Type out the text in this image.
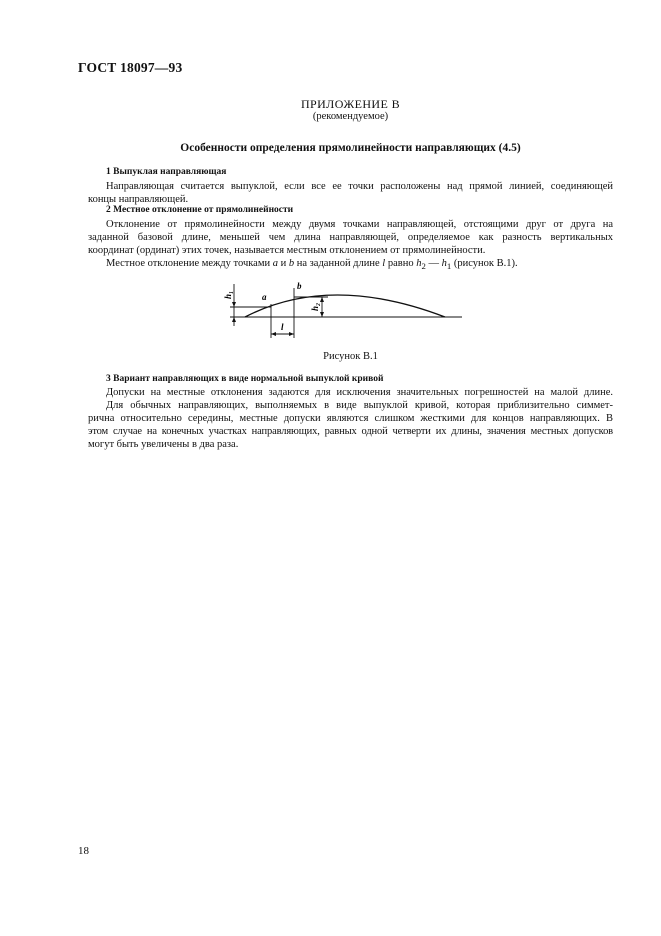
ГОСТ 18097—93
ПРИЛОЖЕНИЕ В
(рекомендуемое)
Особенности определения прямолинейности направляющих (4.5)
1 Выпуклая направляющая
Направляющая считается выпуклой, если все ее точки расположены над прямой линией, соединяющей
концы направляющей.
2 Местное отклонение от прямолинейности
Отклонение от прямолинейности между двумя точками направляющей, отстоящими друг от друга на
заданной базовой длине, меньшей чем длина направляющей, определяемое как разность вертикальных
координат (ординат) этих точек, называется местным отклонением от прямолинейности.
Местное отклонение между точками a и b на заданной длине l равно $h_2$ — $h_1$ (рисунок В.1).
h₁	a
b
h₂
l
Рисунок В.1
3 Вариант направляющих в виде нормальной выпуклой кривой
Допуски на местные отклонения задаются для исключения значительных погрешностей на малой длине.
Для обычных направляющих, выполняемых в виде выпуклой кривой, которая приблизительно симмет-
рична относительно середины, местные допуски являются слишком жесткими для концов направляющих. В
этом случае на конечных участках направляющих, равных одной четверти их длины, значения местных допусков
могут быть увеличены в два раза.
18
